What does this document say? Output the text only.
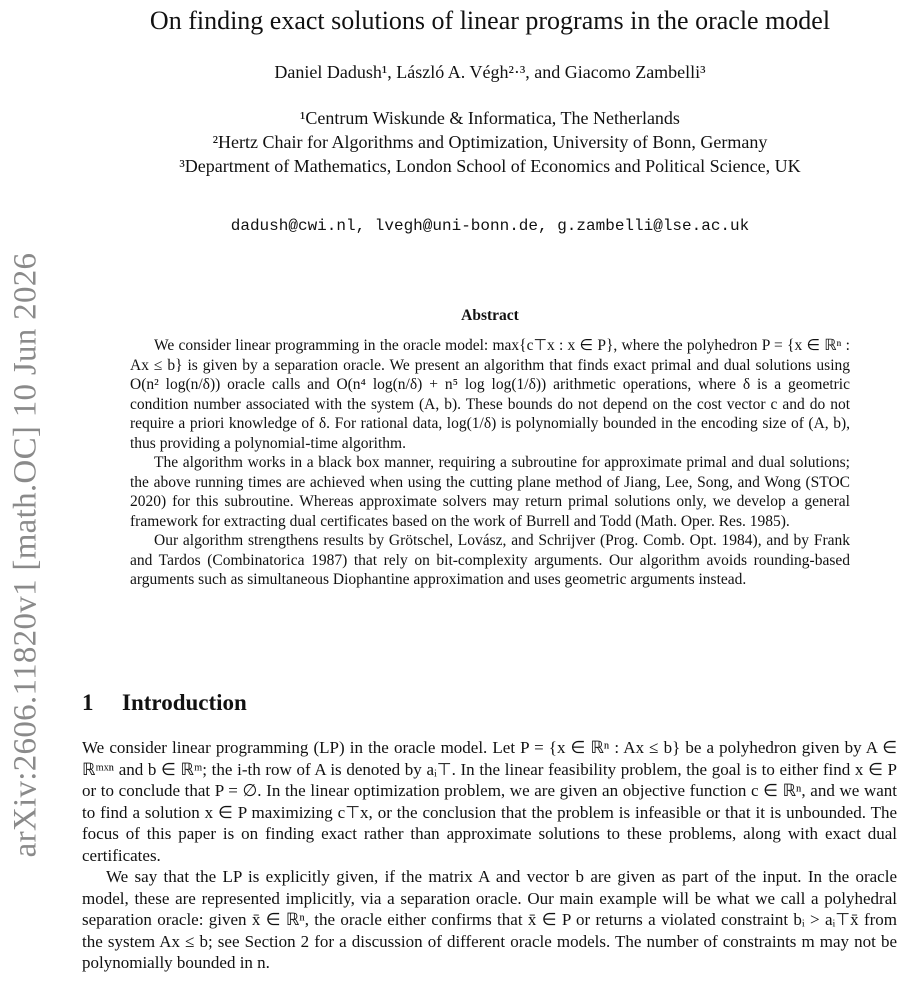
arXiv:2606.11820v1 [math.OC] 10 Jun 2026
On finding exact solutions of linear programs in the oracle model
Daniel Dadush¹, László A. Végh²·³, and Giacomo Zambelli³
¹Centrum Wiskunde & Informatica, The Netherlands
²Hertz Chair for Algorithms and Optimization, University of Bonn, Germany
³Department of Mathematics, London School of Economics and Political Science, UK
dadush@cwi.nl, lvegh@uni-bonn.de, g.zambelli@lse.ac.uk
Abstract

We consider linear programming in the oracle model: max{c⊤x : x ∈ P}, where the polyhedron P = {x ∈ ℝⁿ : Ax ≤ b} is given by a separation oracle. We present an algorithm that finds exact primal and dual solutions using O(n² log(n/δ)) oracle calls and O(n⁴ log(n/δ) + n⁵ log log(1/δ)) arithmetic operations, where δ is a geometric condition number associated with the system (A, b). These bounds do not depend on the cost vector c and do not require a priori knowledge of δ. For rational data, log(1/δ) is polynomially bounded in the encoding size of (A, b), thus providing a polynomial-time algorithm.

The algorithm works in a black box manner, requiring a subroutine for approximate primal and dual solutions; the above running times are achieved when using the cutting plane method of Jiang, Lee, Song, and Wong (STOC 2020) for this subroutine. Whereas approximate solvers may return primal solutions only, we develop a general framework for extracting dual certificates based on the work of Burrell and Todd (Math. Oper. Res. 1985).

Our algorithm strengthens results by Grötschel, Lovász, and Schrijver (Prog. Comb. Opt. 1984), and by Frank and Tardos (Combinatorica 1987) that rely on bit-complexity arguments. Our algorithm avoids rounding-based arguments such as simultaneous Diophantine approximation and uses geometric arguments instead.

1 Introduction

We consider linear programming (LP) in the oracle model. Let P = {x ∈ ℝⁿ : Ax ≤ b} be a polyhedron given by A ∈ ℝᵐˣⁿ and b ∈ ℝᵐ; the i-th row of A is denoted by aᵢ⊤. In the linear feasibility problem, the goal is to either find x ∈ P or to conclude that P = ∅. In the linear optimization problem, we are given an objective function c ∈ ℝⁿ, and we want to find a solution x ∈ P maximizing c⊤x, or the conclusion that the problem is infeasible or that it is unbounded. The focus of this paper is on finding exact rather than approximate solutions to these problems, along with exact dual certificates.

We say that the LP is explicitly given, if the matrix A and vector b are given as part of the input. In the oracle model, these are represented implicitly, via a separation oracle. Our main example will be what we call a polyhedral separation oracle: given x̄ ∈ ℝⁿ, the oracle either confirms that x̄ ∈ P or returns a violated constraint bᵢ > aᵢ⊤x̄ from the system Ax ≤ b; see Section 2 for a discussion of different oracle models. The number of constraints m may not be polynomially bounded in n.
